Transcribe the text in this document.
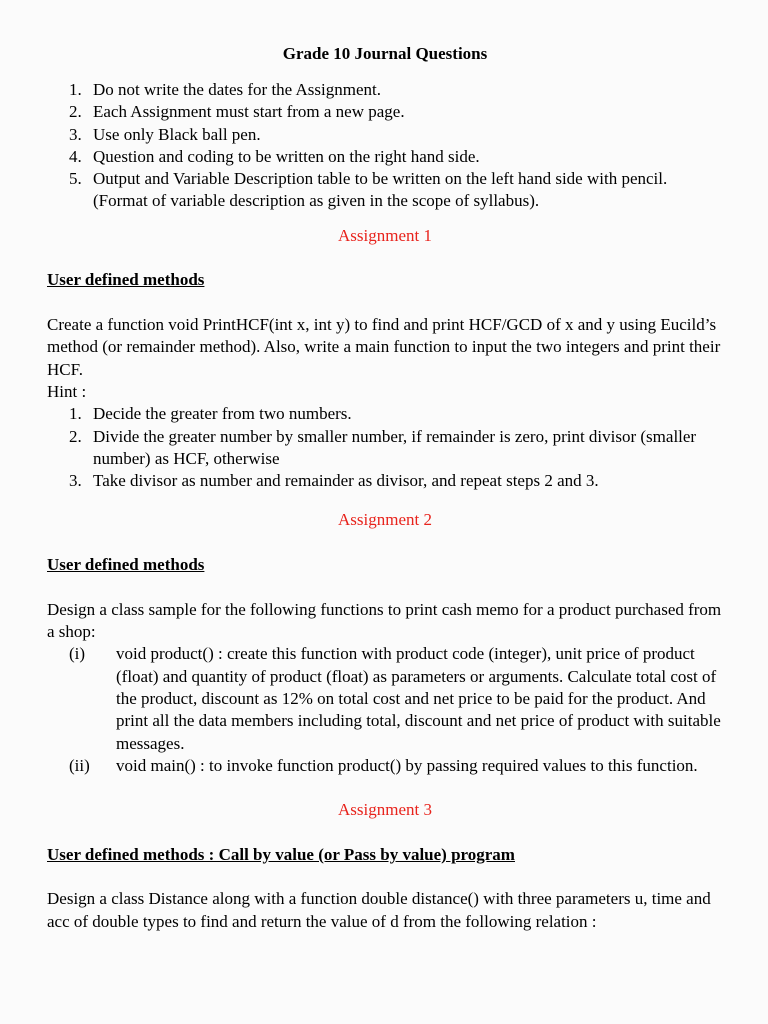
Grade 10 Journal Questions
1. Do not write the dates for the Assignment.
2. Each Assignment must start from a new page.
3. Use only Black ball pen.
4. Question and coding to be written on the right hand side.
5. Output and Variable Description table to be written on the left hand side with pencil. (Format of variable description as given in the scope of syllabus).
Assignment 1
User defined methods
Create a function void PrintHCF(int x, int y) to find and print HCF/GCD of x and y using Eucild’s method (or remainder method). Also, write a main function to input the two integers and print their HCF.
Hint :
1. Decide the greater from two numbers.
2. Divide the greater number by smaller number, if remainder is zero, print divisor (smaller number) as HCF, otherwise
3. Take divisor as number and remainder as divisor, and repeat steps 2 and 3.
Assignment 2
User defined methods
Design a class sample for the following functions to print cash memo for a product purchased from a shop:
(i) void product() : create this function with product code (integer), unit price of product (float) and quantity of product (float) as parameters or arguments. Calculate total cost of the product, discount as 12% on total cost and net price to be paid for the product. And print all the data members including total, discount and net price of product with suitable messages.
(ii) void main() : to invoke function product() by passing required values to this function.
Assignment 3
User defined methods : Call by value (or Pass by value) program
Design a class Distance along with a function double distance() with three parameters u, time and acc of double types to find and return the value of d from the following relation :
